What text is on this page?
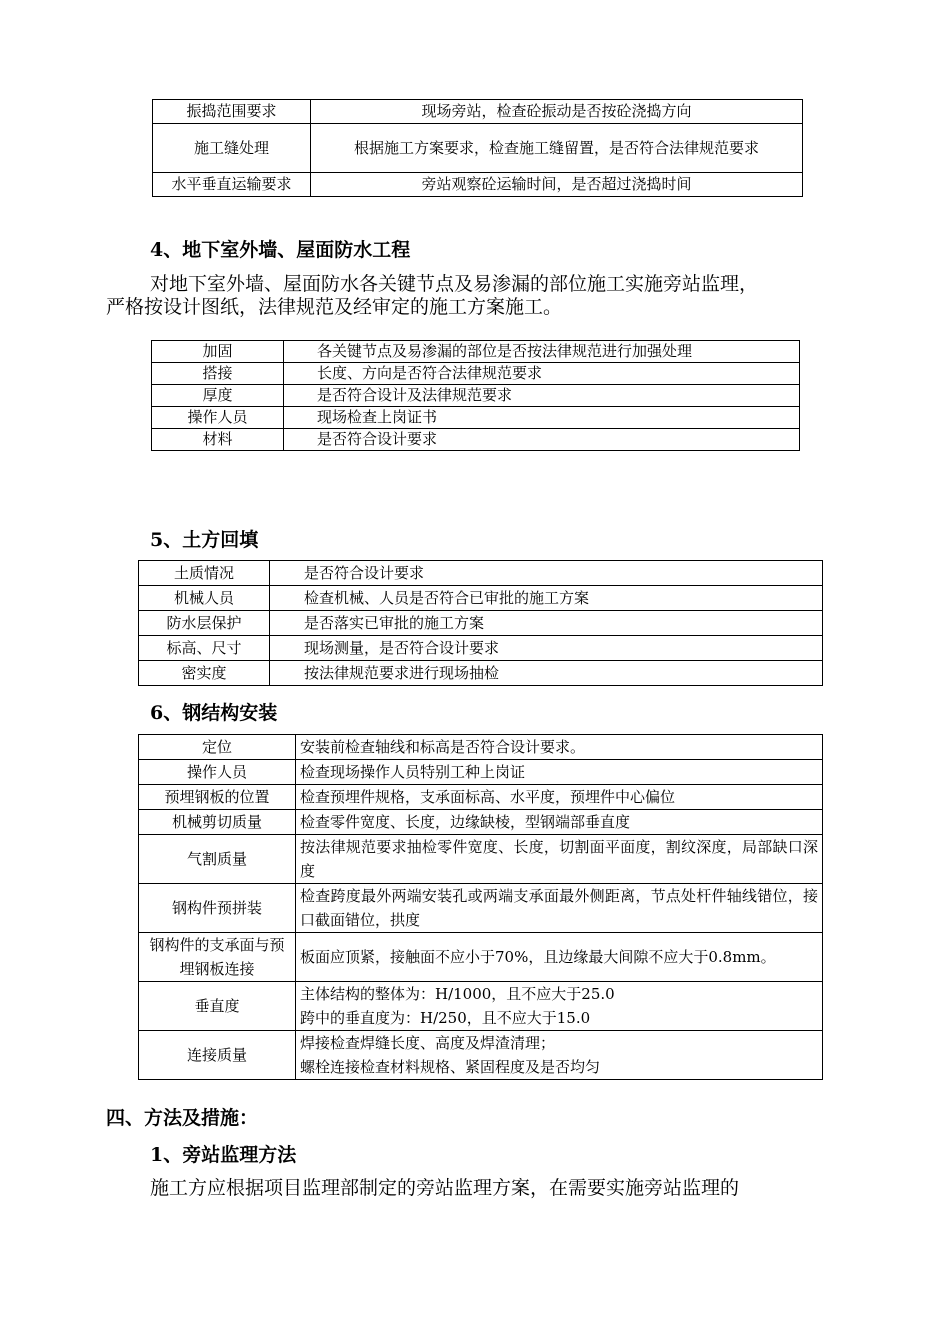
振捣范围要求	现场旁站，检查砼振动是否按砼浇捣方向
施工缝处理	根据施工方案要求，检查施工缝留置，是否符合法律规范要求
水平垂直运输要求	旁站观察砼运输时间，是否超过浇捣时间
4、地下室外墙、屋面防水工程
对地下室外墙、屋面防水各关键节点及易渗漏的部位施工实施旁站监理，
严格按设计图纸，法律规范及经审定的施工方案施工。
加固	各关键节点及易渗漏的部位是否按法律规范进行加强处理
搭接	长度、方向是否符合法律规范要求
厚度	是否符合设计及法律规范要求
操作人员	现场检查上岗证书
材料	是否符合设计要求
5、土方回填
土质情况	是否符合设计要求
机械人员	检查机械、人员是否符合已审批的施工方案
防水层保护	是否落实已审批的施工方案
标高、尺寸	现场测量，是否符合设计要求
密实度	按法律规范要求进行现场抽检
6、钢结构安装
定位	安装前检查轴线和标高是否符合设计要求。
操作人员	检查现场操作人员特别工种上岗证
预埋钢板的位置	检查预埋件规格，支承面标高、水平度，预埋件中心偏位
机械剪切质量	检查零件宽度、长度，边缘缺棱，型钢端部垂直度
气割质量	按法律规范要求抽检零件宽度、长度，切割面平面度，割纹深度，局部缺口深度
钢构件预拼装	检查跨度最外两端安装孔或两端支承面最外侧距离，节点处杆件轴线错位，接口截面错位，拱度
钢构件的支承面与预埋钢板连接	板面应顶紧，接触面不应小于70%，且边缘最大间隙不应大于0.8mm。
垂直度	主体结构的整体为：H/1000，且不应大于25.0
跨中的垂直度为：H/250，且不应大于15.0

连接质量	焊接检查焊缝长度、高度及焊渣清理；
螺栓连接检查材料规格、紧固程度及是否均匀
四、方法及措施：
1、旁站监理方法
施工方应根据项目监理部制定的旁站监理方案，在需要实施旁站监理的
